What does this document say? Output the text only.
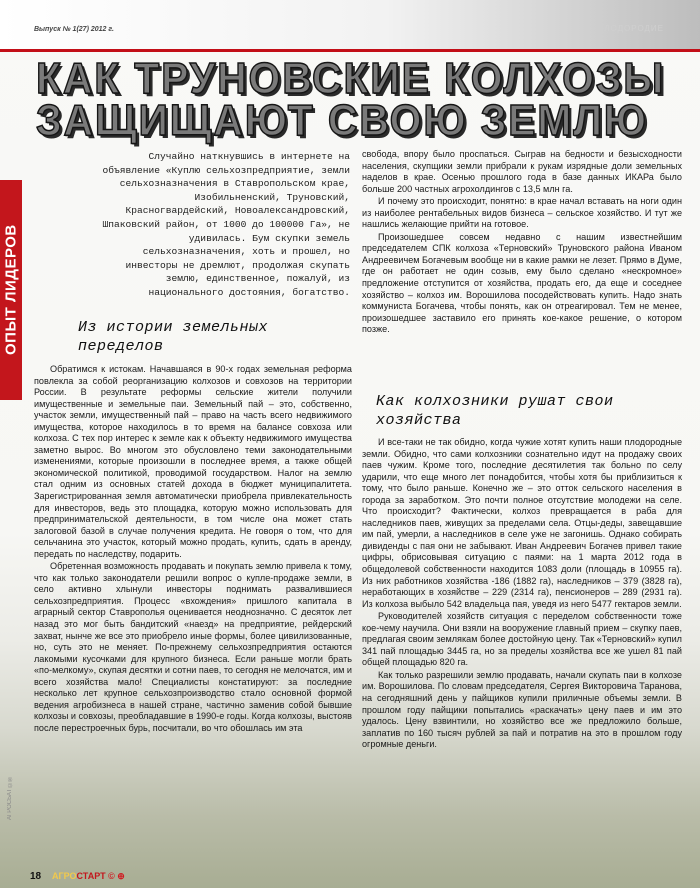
Выпуск № 1(27) 2012 г.	ПЛОДОРОДИЕ
КАК ТРУНОВСКИЕ КОЛХОЗЫ
ЗАЩИЩАЮТ СВОЮ ЗЕМЛЮ
ОПЫТ ЛИДЕРОВ
АГРОСБАТ ©®

Случайно наткнувшись в интернете на объявление «Куплю сельхозпредприятие, земли сельхозназначения в Ставропольском крае, Изобильненский, Труновский, Красногвардейский, Новоалександровский, Шпаковский район, от 1000 до 100000 Га», не удивилась. Бум скупки земель сельхозназначения, хоть и прошел, но инвесторы не дремлют, продолжая скупать землю, единственное, пожалуй, из национального достояния, богатство.

Из истории земельных переделов

Обратимся к истокам. Начавшаяся в 90-х годах земельная реформа повлекла за собой реорганизацию колхозов и совхозов на территории России. В результате реформы сельские жители получили имущественные и земельные паи. Земельный пай – это, собственно, участок земли, имущественный пай – право на часть всего недвижимого имущества, которое находилось в то время на балансе совхоза или колхоза. С тех пор интерес к земле как к объекту недвижимого имущества заметно вырос. Во многом это обусловлено теми законодательными изменениями, которые произошли в последнее время, а также общей экономической политикой, проводимой государством. Налог на землю стал одним из основных статей дохода в бюджет муниципалитета. Зарегистрированная земля автоматически приобрела привлекательность для инвесторов, ведь это площадка, которую можно использовать для предпринимательской деятельности, в том числе она может стать залоговой базой в случае получения кредита. Не говоря о том, что для сельчанина это участок, который можно продать, купить, сдать в аренду, передать по наследству, подарить.

Обретенная возможность продавать и покупать землю привела к тому, что как только законодатели решили вопрос о купле-продаже земли, в село активно хлынули инвесторы поднимать развалившиеся сельхозпредприятия. Процесс «вхождения» пришлого капитала в аграрный сектор Ставрополья оценивается неоднозначно. С десяток лет назад это мог быть бандитский «наезд» на предприятие, рейдерский захват, нынче же все это приобрело иные формы, более цивилизованные, но, суть это не меняет. По-прежнему сельхозпредприятия остаются лакомыми кусочками для крупного бизнеса. Если раньше могли брать «по-мелкому», скупая десятки и сотни паев, то сегодня не мелочатся, им и всего хозяйства мало! Специалисты констатируют: за последние несколько лет крупное сельхозпроизводство стало основной формой ведения агробизнеса в нашей стране, частично заменив собой бывшие колхозы и совхозы, преобладавшие в 1990-е годы. Когда колхозы, выстояв после перестроечных бурь, посчитали, во что обошлась им эта

свобода, впору было проспаться. Сыграв на бедности и безысходности населения, скупщики земли прибрали к рукам изрядные доли земельных наделов в крае. Осенью прошлого года в базе данных ИКАРа было больше 200 частных агрохолдингов с 13,5 млн га.

И почему это происходит, понятно: в крае начал вставать на ноги один из наиболее рентабельных видов бизнеса – сельское хозяйство. И тут же нашлись желающие прийти на готовое.

Произошедшее совсем недавно с нашим известнейшим председателем СПК колхоза «Терновский» Труновского района Иваном Андреевичем Богачевым вообще ни в какие рамки не лезет. Прямо в Думе, где он работает не один созыв, ему было сделано «нескромное» предложение отступится от хозяйства, продать его, да еще и соседнее хозяйство – колхоз им. Ворошилова посодействовать купить. Надо знать коммуниста Богачева, чтобы понять, как он отреагировал. Тем не менее, произошедшее заставило его принять кое-какое решение, о котором позже.

Как колхозники рушат свои хозяйства

И все-таки не так обидно, когда чужие хотят купить наши плодородные земли. Обидно, что сами колхозники сознательно идут на продажу своих паев чужим. Кроме того, последние десятилетия так больно по селу ударили, что еще много лет понадобится, чтобы хотя бы приблизиться к тому, что было раньше. Конечно же – это отток сельского населения в города за заработком. Это почти полное отсутствие молодежи на селе. Что происходит? Фактически, колхоз превращается в раба для наследников паев, живущих за пределами села. Отцы-деды, завещавшие им пай, умерли, а наследников в селе уже не загонишь. Однако собирать дивиденды с пая они не забывают. Иван Андреевич Богачев привел такие цифры, обрисовывая ситуацию с паями: на 1 марта 2012 года в общедолевой собственности находится 1083 доли (площадь в 10955 га). Из них работников хозяйства -186 (1882 га), наследников – 379 (3828 га), неработающих в хозяйстве – 229 (2314 га), пенсионеров – 289 (2931 га). Из колхоза выбыло 542 владельца пая, уведя из него 5477 гектаров земли.

Руководителей хозяйств ситуация с переделом собственности тоже кое-чему научила. Они взяли на вооружение главный прием – скупку паев, предлагая своим землякам более достойную цену. Так «Терновский» купил 341 пай площадью 3445 га, но за пределы хозяйства все же ушел 81 пай общей площадью 820 га.

Как только разрешили землю продавать, начали скупать паи в колхозе им. Ворошилова. По словам председателя, Сергея Викторовича Таранова, на сегодняшний день у пайщиков купили приличные объемы земли. В прошлом году пайщики попытались «раскачать» цену паев и им это удалось. Цену взвинтили, но хозяйство все же предложило больше, заплатив по 160 тысяч рублей за пай и потратив на это в прошлом году огромные деньги.

18 АГРОСТАРТ © ⊕
